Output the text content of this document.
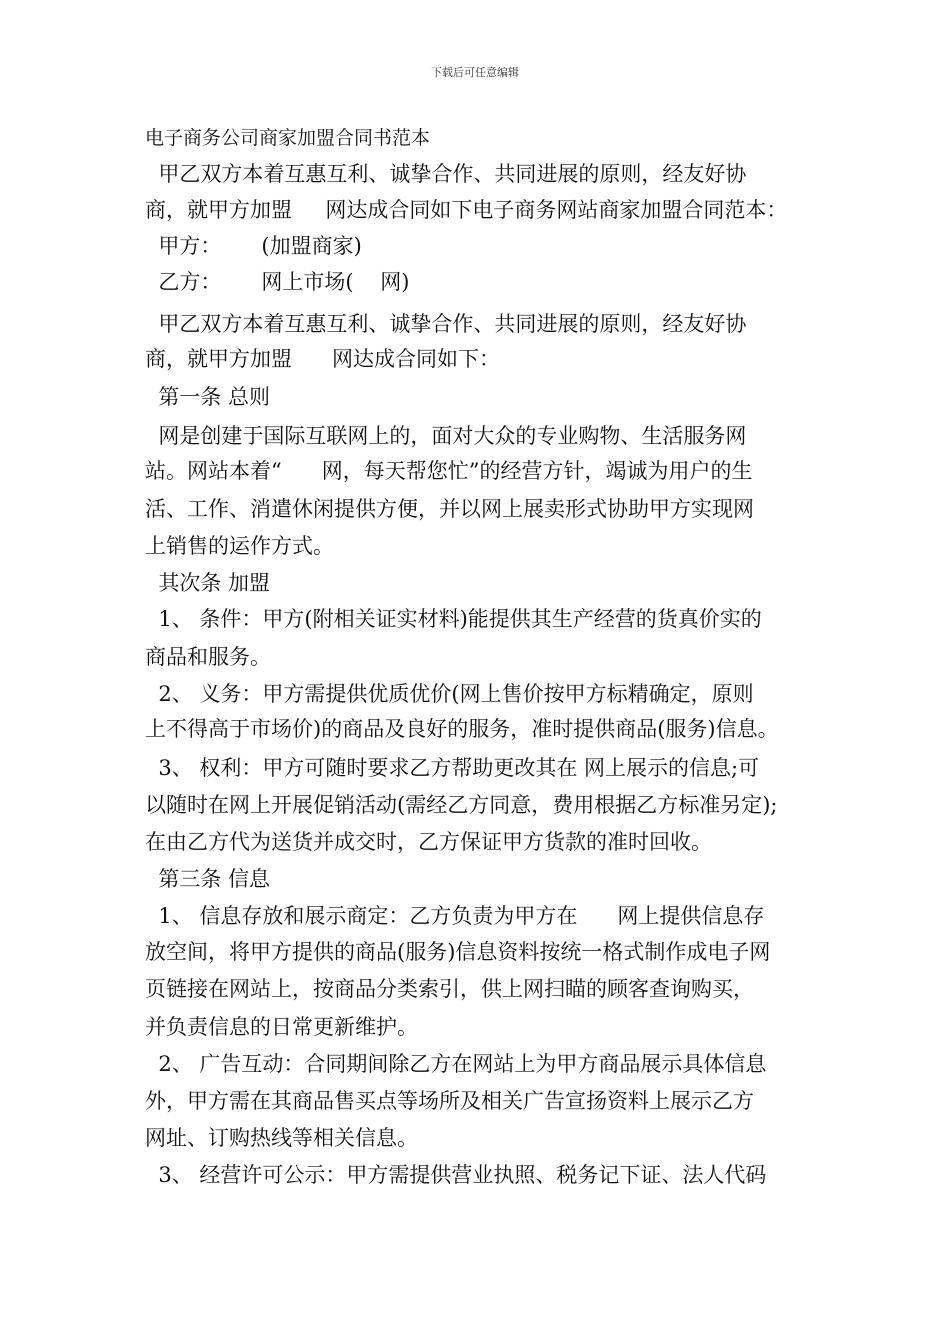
下载后可任意编辑
电子商务公司商家加盟合同书范本
甲乙双方本着互惠互利、诚挚合作、共同进展的原则，经友好协
商，就甲方加盟     网达成合同如下电子商务网站商家加盟合同范本：
甲方：      (加盟商家)
乙方：      网上市场(    网)
甲乙双方本着互惠互利、诚挚合作、共同进展的原则，经友好协
商，就甲方加盟      网达成合同如下：
第一条 总则
网是创建于国际互联网上的，面对大众的专业购物、生活服务网
站。网站本着“      网，每天帮您忙”的经营方针，竭诚为用户的生
活、工作、消遣休闲提供方便，并以网上展卖形式协助甲方实现网
上销售的运作方式。
其次条 加盟
1、 条件：甲方(附相关证实材料)能提供其生产经营的货真价实的
商品和服务。
2、 义务：甲方需提供优质优价(网上售价按甲方标精确定，原则
上不得高于市场价)的商品及良好的服务，准时提供商品(服务)信息。
3、 权利：甲方可随时要求乙方帮助更改其在 网上展示的信息;可
以随时在网上开展促销活动(需经乙方同意，费用根据乙方标准另定);
在由乙方代为送货并成交时，乙方保证甲方货款的准时回收。
第三条 信息
1、 信息存放和展示商定：乙方负责为甲方在      网上提供信息存
放空间，将甲方提供的商品(服务)信息资料按统一格式制作成电子网
页链接在网站上，按商品分类索引，供上网扫瞄的顾客查询购买，
并负责信息的日常更新维护。
2、 广告互动：合同期间除乙方在网站上为甲方商品展示具体信息
外，甲方需在其商品售买点等场所及相关广告宣扬资料上展示乙方
网址、订购热线等相关信息。
3、 经营许可公示：甲方需提供营业执照、税务记下证、法人代码
